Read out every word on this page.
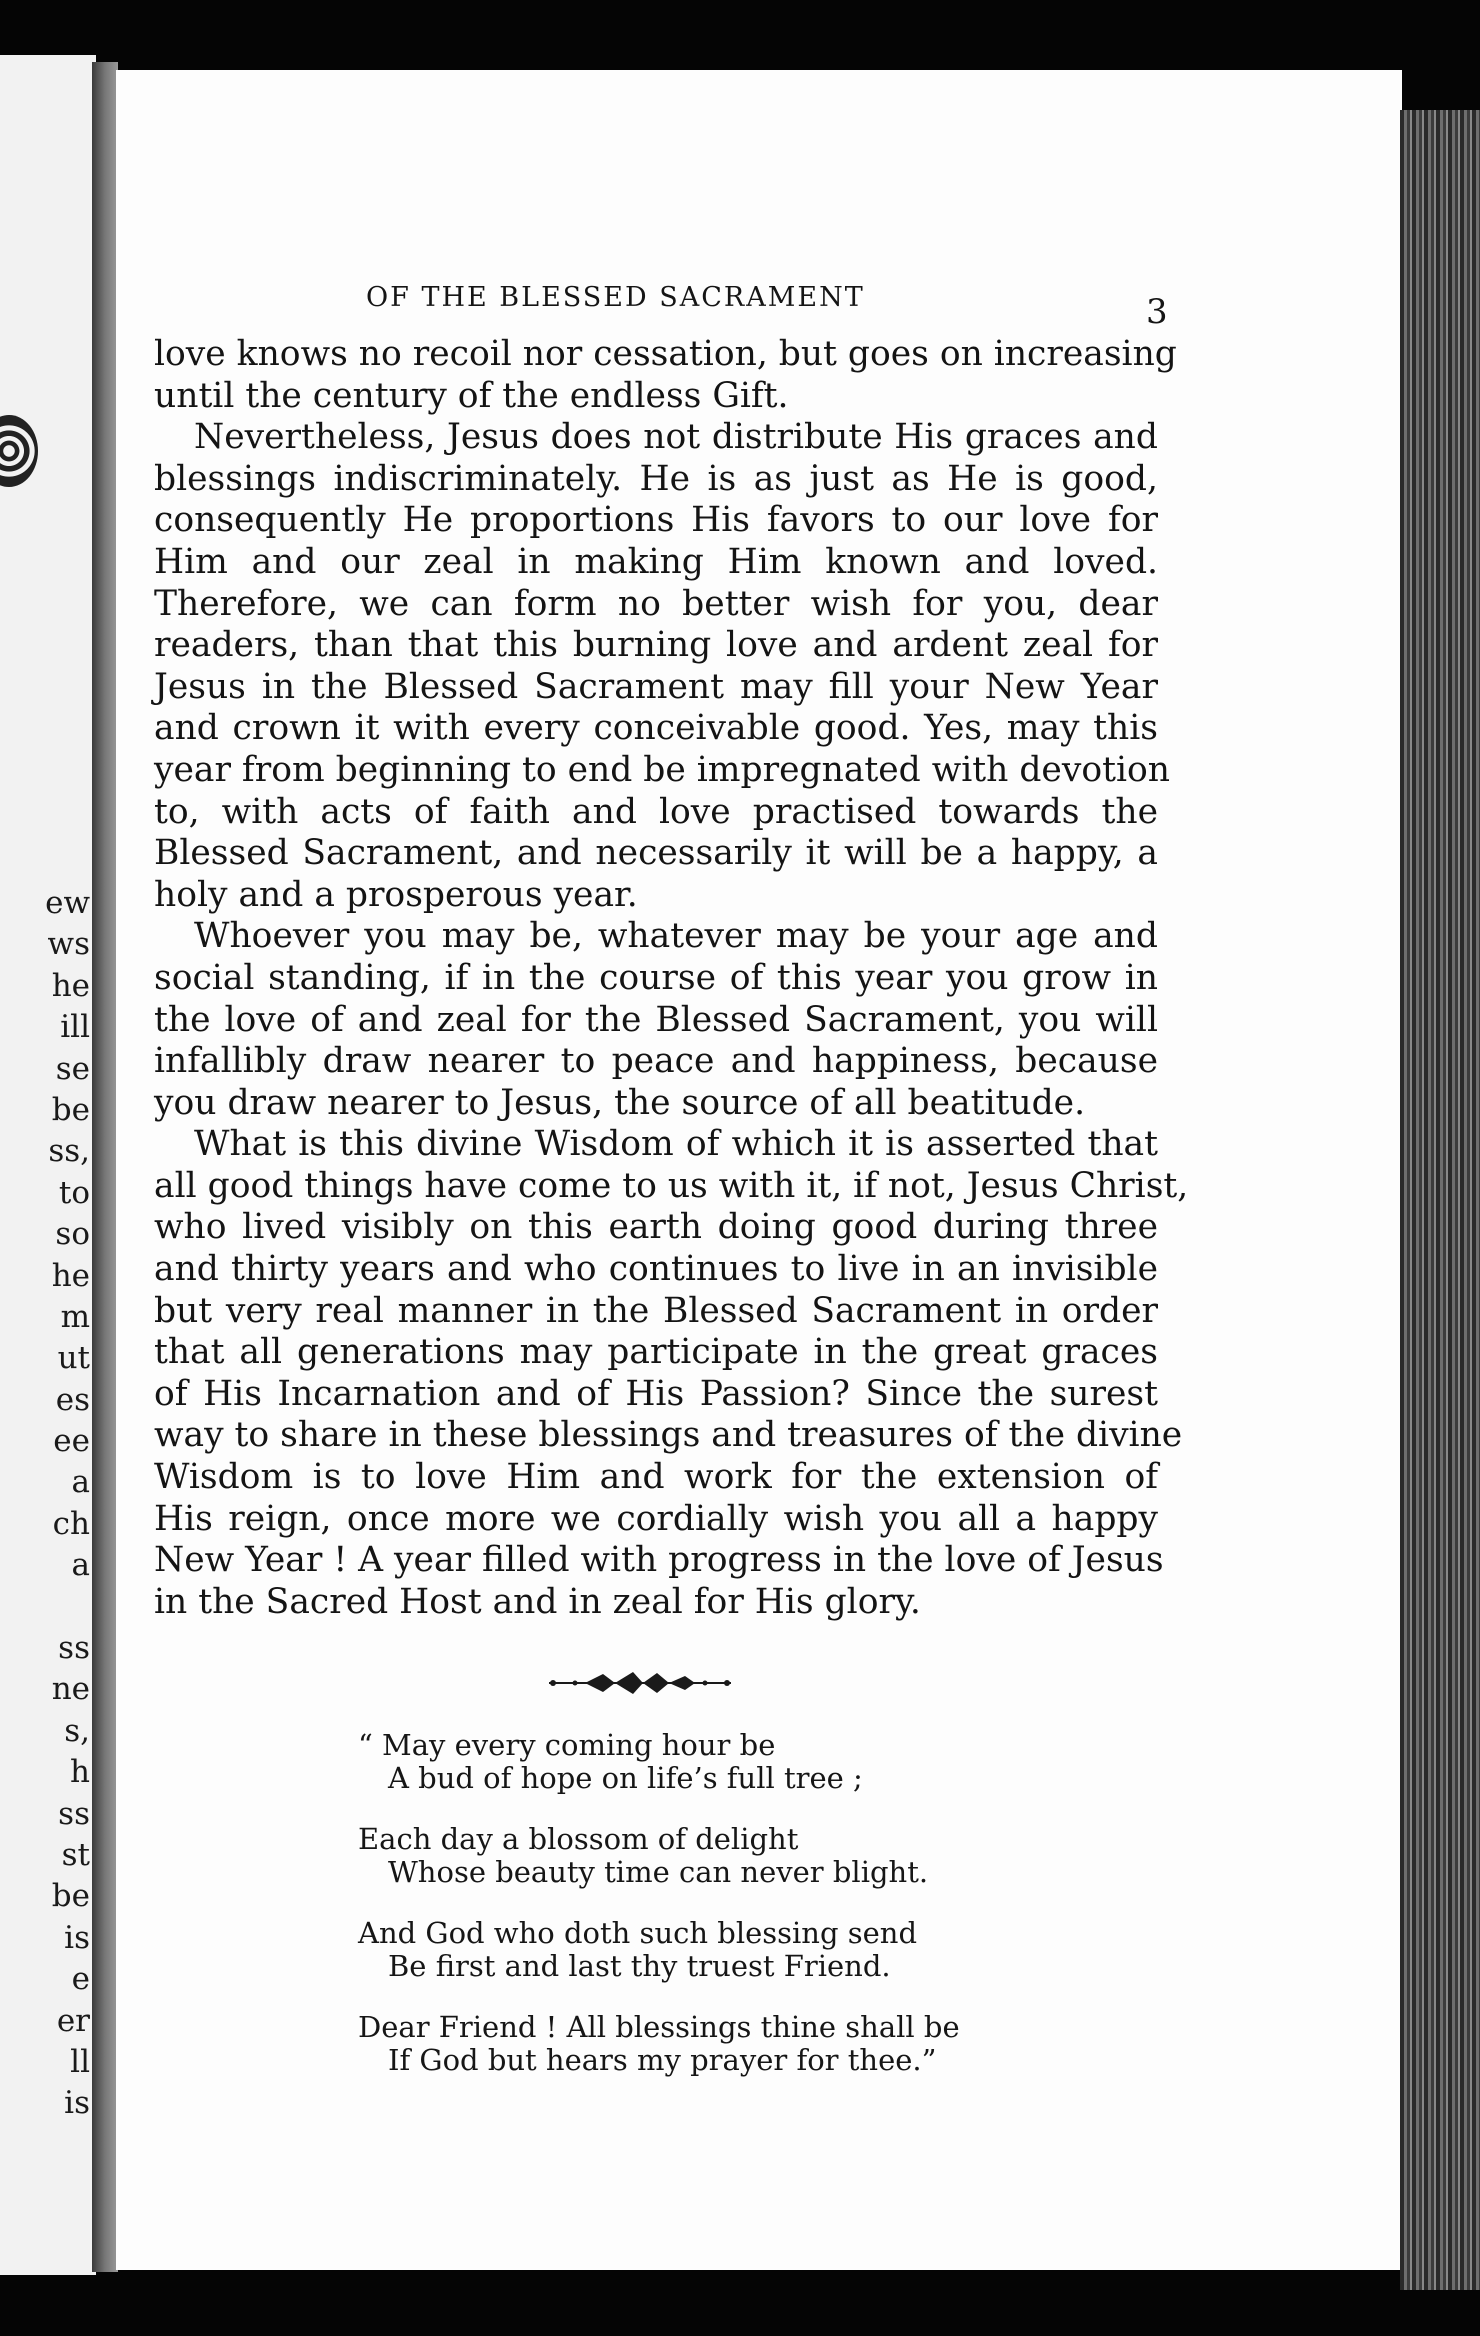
ew
ws
he
ill
se
be
ss,
to
so
he
m
ut
es
ee
a
ch
a
ss
ne
s,
h
ss
st
be
is
e
er
ll
is
OF THE BLESSED SACRAMENT	3
love knows no recoil nor cessation, but goes on increasing
until the century of the endless Gift.
Nevertheless, Jesus does not distribute His graces and
blessings indiscriminately. He is as just as He is good,
consequently He proportions His favors to our love for
Him and our zeal in making Him known and loved.
Therefore, we can form no better wish for you, dear
readers, than that this burning love and ardent zeal for
Jesus in the Blessed Sacrament may fill your New Year
and crown it with every conceivable good. Yes, may this
year from beginning to end be impregnated with devotion
to, with acts of faith and love practised towards the
Blessed Sacrament, and necessarily it will be a happy, a
holy and a prosperous year.
Whoever you may be, whatever may be your age and
social standing, if in the course of this year you grow in
the love of and zeal for the Blessed Sacrament, you will
infallibly draw nearer to peace and happiness, because
you draw nearer to Jesus, the source of all beatitude.
What is this divine Wisdom of which it is asserted that
all good things have come to us with it, if not, Jesus Christ,
who lived visibly on this earth doing good during three
and thirty years and who continues to live in an invisible
but very real manner in the Blessed Sacrament in order
that all generations may participate in the great graces
of His Incarnation and of His Passion? Since the surest
way to share in these blessings and treasures of the divine
Wisdom is to love Him and work for the extension of
His reign, once more we cordially wish you all a happy
New Year ! A year filled with progress in the love of Jesus
in the Sacred Host and in zeal for His glory.
“ May every coming hour be
A bud of hope on life’s full tree ;
Each day a blossom of delight
Whose beauty time can never blight.
And God who doth such blessing send
Be first and last thy truest Friend.
Dear Friend ! All blessings thine shall be
If God but hears my prayer for thee.”
